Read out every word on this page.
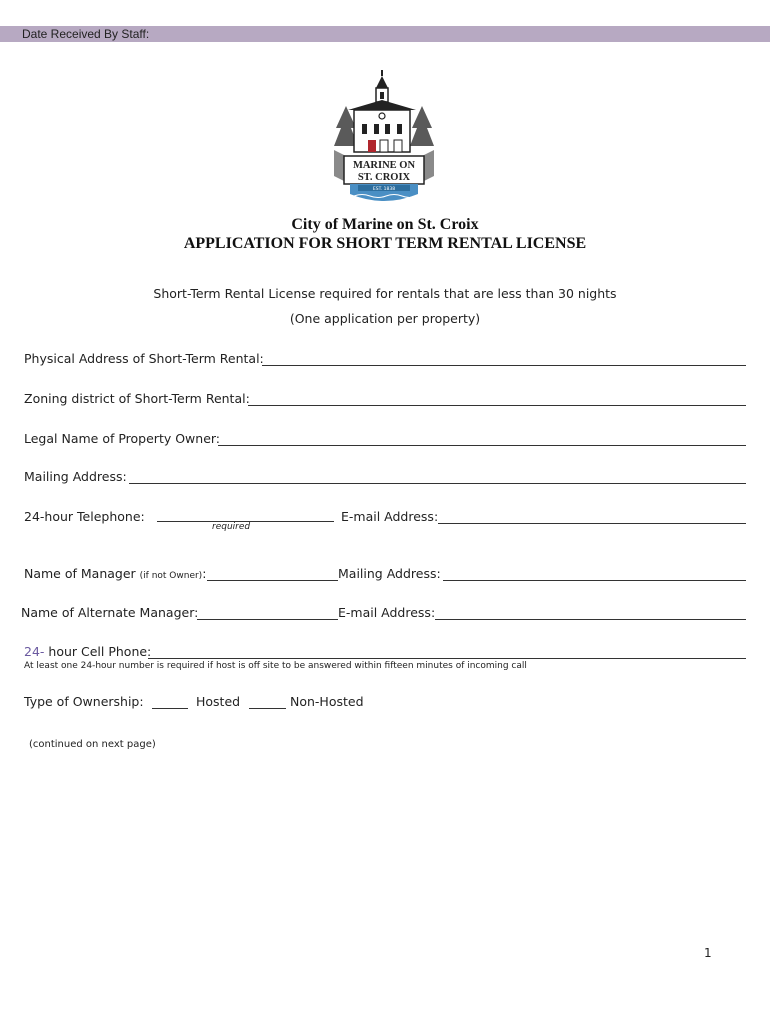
Date Received By Staff:
MARINE ON
ST. CROIX
EST. 1838
City of Marine on St. Croix
APPLICATION FOR SHORT TERM RENTAL LICENSE
Short-Term Rental License required for rentals that are less than 30 nights
(One application per property)
Physical Address of Short-Term Rental:
Zoning district of Short-Term Rental:
Legal Name of Property Owner:
Mailing Address:
24-hour Telephone:
required
E-mail Address:
Name of Manager (if not Owner):	Mailing Address:
Name of Alternate Manager:	E-mail Address:
24- hour Cell Phone:
At least one 24-hour number is required if host is off site to be answered within fifteen minutes of incoming call
Type of Ownership:	Hosted	Non-Hosted
(continued on next page)
1
